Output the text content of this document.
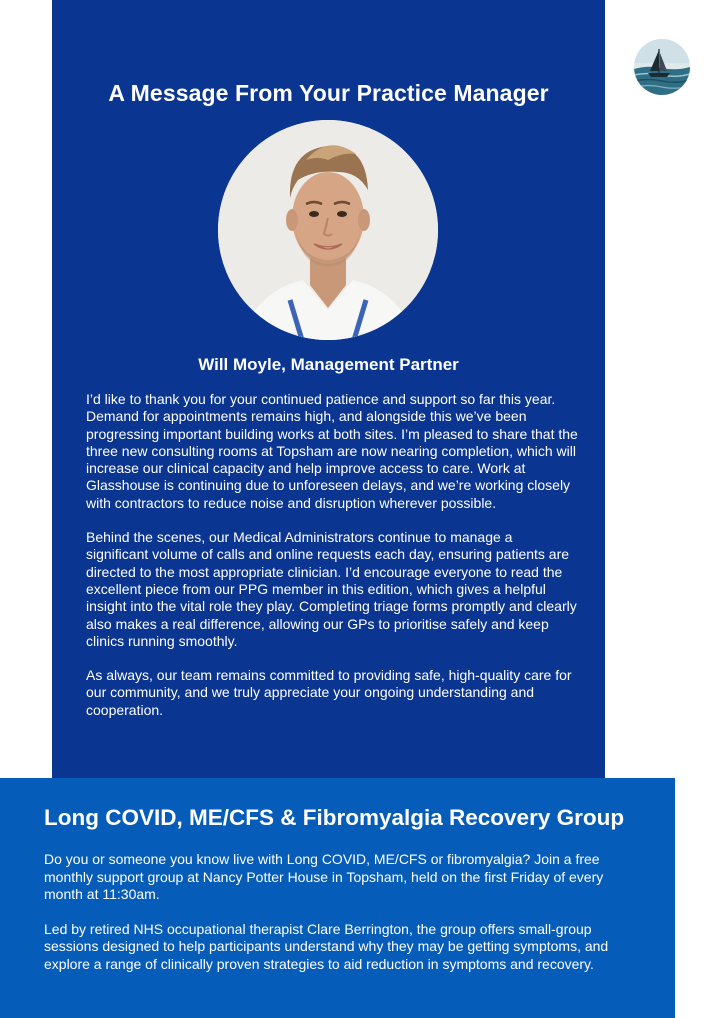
A Message From Your Practice Manager
Will Moyle, Management Partner

I’d like to thank you for your continued patience and support so far this year. Demand for appointments remains high, and alongside this we’ve been progressing important building works at both sites. I’m pleased to share that the three new consulting rooms at Topsham are now nearing completion, which will increase our clinical capacity and help improve access to care. Work at Glasshouse is continuing due to unforeseen delays, and we’re working closely with contractors to reduce noise and disruption wherever possible.

Behind the scenes, our Medical Administrators continue to manage a significant volume of calls and online requests each day, ensuring patients are directed to the most appropriate clinician. I’d encourage everyone to read the excellent piece from our PPG member in this edition, which gives a helpful insight into the vital role they play. Completing triage forms promptly and clearly also makes a real difference, allowing our GPs to prioritise safely and keep clinics running smoothly.

As always, our team remains committed to providing safe, high-quality care for our community, and we truly appreciate your ongoing understanding and cooperation.

Long COVID, ME/CFS & Fibromyalgia Recovery Group

Do you or someone you know live with Long COVID, ME/CFS or fibromyalgia? Join a free monthly support group at Nancy Potter House in Topsham, held on the first Friday of every month at 11:30am.

Led by retired NHS occupational therapist Clare Berrington, the group offers small-group sessions designed to help participants understand why they may be getting symptoms, and explore a range of clinically proven strategies to aid reduction in symptoms and recovery.
